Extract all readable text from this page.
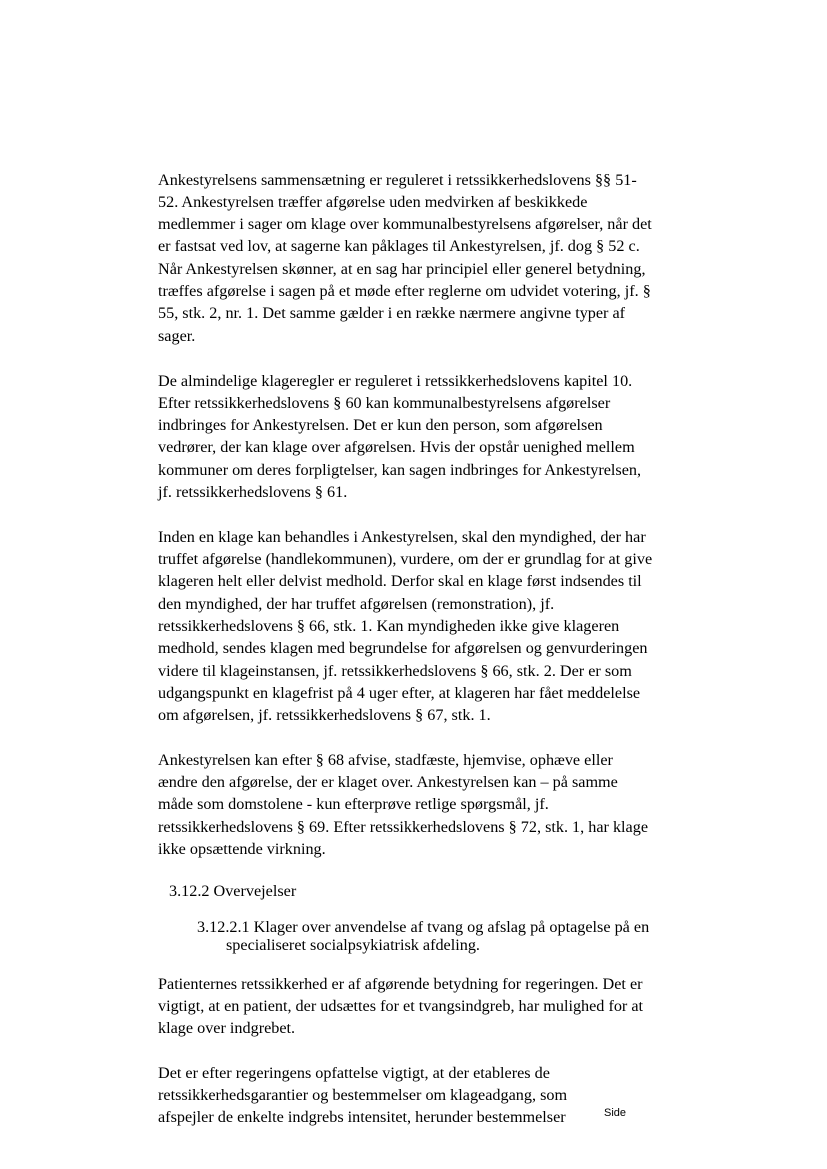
Ankestyrelsens sammensætning er reguleret i retssikkerhedslovens §§ 51-
52. Ankestyrelsen træffer afgørelse uden medvirken af beskikkede
medlemmer i sager om klage over kommunalbestyrelsens afgørelser, når det
er fastsat ved lov, at sagerne kan påklages til Ankestyrelsen, jf. dog § 52 c.
Når Ankestyrelsen skønner, at en sag har principiel eller generel betydning,
træffes afgørelse i sagen på et møde efter reglerne om udvidet votering, jf. §
55, stk. 2, nr. 1. Det samme gælder i en række nærmere angivne typer af
sager.
De almindelige klageregler er reguleret i retssikkerhedslovens kapitel 10.
Efter retssikkerhedslovens § 60 kan kommunalbestyrelsens afgørelser
indbringes for Ankestyrelsen. Det er kun den person, som afgørelsen
vedrører, der kan klage over afgørelsen. Hvis der opstår uenighed mellem
kommuner om deres forpligtelser, kan sagen indbringes for Ankestyrelsen,
jf. retssikkerhedslovens § 61.
Inden en klage kan behandles i Ankestyrelsen, skal den myndighed, der har
truffet afgørelse (handlekommunen), vurdere, om der er grundlag for at give
klageren helt eller delvist medhold. Derfor skal en klage først indsendes til
den myndighed, der har truffet afgørelsen (remonstration), jf.
retssikkerhedslovens § 66, stk. 1. Kan myndigheden ikke give klageren
medhold, sendes klagen med begrundelse for afgørelsen og genvurderingen
videre til klageinstansen, jf. retssikkerhedslovens § 66, stk. 2. Der er som
udgangspunkt en klagefrist på 4 uger efter, at klageren har fået meddelelse
om afgørelsen, jf. retssikkerhedslovens § 67, stk. 1.
Ankestyrelsen kan efter § 68 afvise, stadfæste, hjemvise, ophæve eller
ændre den afgørelse, der er klaget over. Ankestyrelsen kan – på samme
måde som domstolene - kun efterprøve retlige spørgsmål, jf.
retssikkerhedslovens § 69. Efter retssikkerhedslovens § 72, stk. 1, har klage
ikke opsættende virkning.
3.12.2 Overvejelser
3.12.2.1 Klager over anvendelse af tvang og afslag på optagelse på en
specialiseret socialpsykiatrisk afdeling.
Patienternes retssikkerhed er af afgørende betydning for regeringen. Det er
vigtigt, at en patient, der udsættes for et tvangsindgreb, har mulighed for at
klage over indgrebet.
Det er efter regeringens opfattelse vigtigt, at der etableres de
retssikkerhedsgarantier og bestemmelser om klageadgang, som
afspejler de enkelte indgrebs intensitet, herunder bestemmelser	Side
